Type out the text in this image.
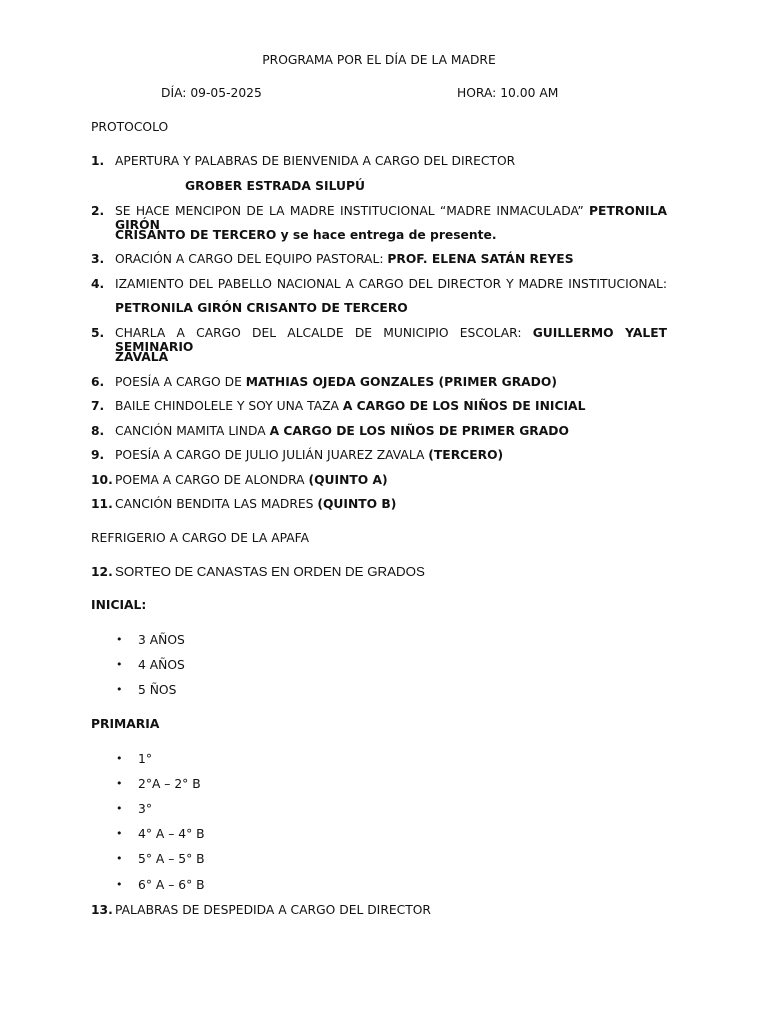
PROGRAMA POR EL DÍA DE LA MADRE
DÍA: 09-05-2025	HORA: 10.00 AM
PROTOCOLO
1. APERTURA Y PALABRAS DE BIENVENIDA A CARGO DEL DIRECTOR
GROBER ESTRADA SILUPÚ
2. SE HACE MENCIPON DE LA MADRE INSTITUCIONAL “MADRE INMACULADA” PETRONILA GIRÓN
CRISANTO DE TERCERO y se hace entrega de presente.
3. ORACIÓN A CARGO DEL EQUIPO PASTORAL: PROF. ELENA SATÁN REYES
4. IZAMIENTO DEL PABELLO NACIONAL A CARGO DEL DIRECTOR Y MADRE INSTITUCIONAL:
PETRONILA GIRÓN CRISANTO DE TERCERO
5. CHARLA A CARGO DEL ALCALDE DE MUNICIPIO ESCOLAR: GUILLERMO YALET SEMINARIO
ZAVALA
6. POESÍA A CARGO DE MATHIAS OJEDA GONZALES (PRIMER GRADO)
7. BAILE CHINDOLELE Y SOY UNA TAZA A CARGO DE LOS NIÑOS DE INICIAL
8. CANCIÓN MAMITA LINDA A CARGO DE LOS NIÑOS DE PRIMER GRADO
9. POESÍA A CARGO DE JULIO JULIÁN JUAREZ ZAVALA (TERCERO)
10. POEMA A CARGO DE ALONDRA (QUINTO A)
11. CANCIÓN BENDITA LAS MADRES (QUINTO B)
REFRIGERIO A CARGO DE LA APAFA
12. SORTEO DE CANASTAS EN ORDEN DE GRADOS
INICIAL:
• 3 AÑOS
• 4 AÑOS
• 5 ÑOS
PRIMARIA
• 1°
• 2°A – 2° B
• 3°
• 4° A – 4° B
• 5° A – 5° B
• 6° A – 6° B
13. PALABRAS DE DESPEDIDA A CARGO DEL DIRECTOR
